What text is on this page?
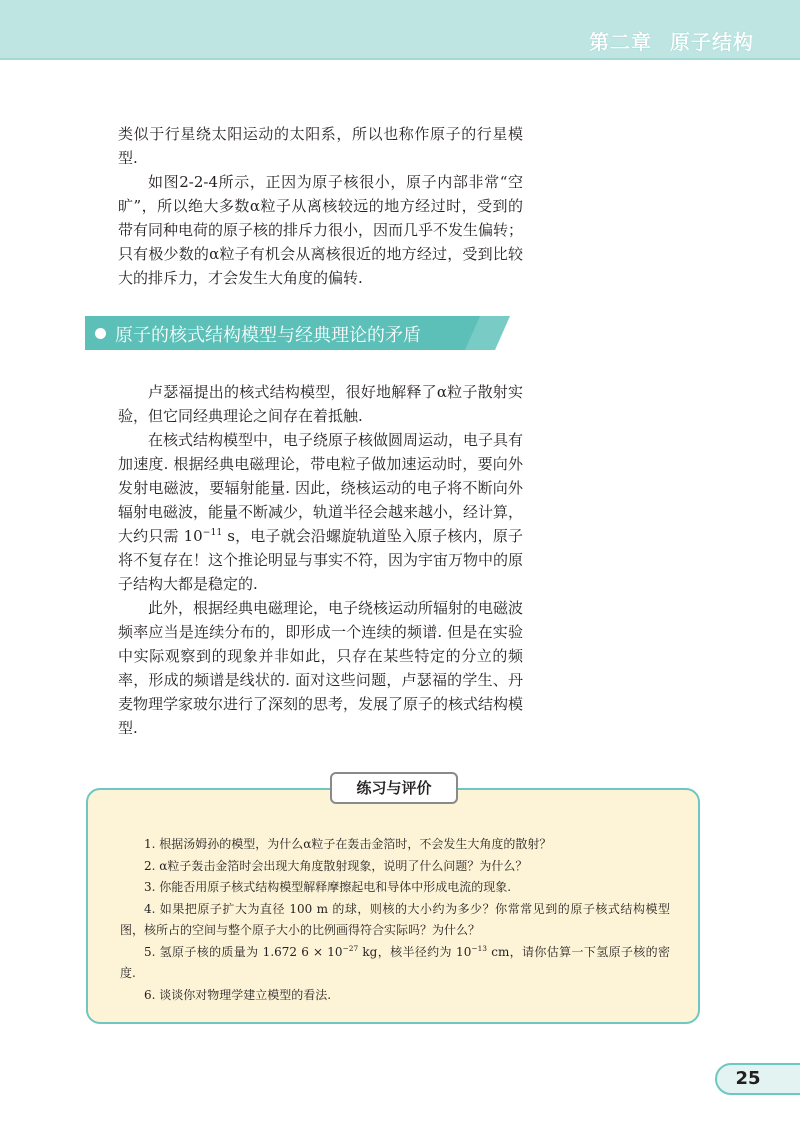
第二章 原子结构

类似于行星绕太阳运动的太阳系，所以也称作原子的行星模型.

如图2-2-4所示，正因为原子核很小，原子内部非常“空旷”，所以绝大多数α粒子从离核较远的地方经过时，受到的带有同种电荷的原子核的排斥力很小，因而几乎不发生偏转；只有极少数的α粒子有机会从离核很近的地方经过，受到比较大的排斥力，才会发生大角度的偏转.

原子的核式结构模型与经典理论的矛盾

卢瑟福提出的核式结构模型，很好地解释了α粒子散射实验，但它同经典理论之间存在着抵触.

在核式结构模型中，电子绕原子核做圆周运动，电子具有加速度. 根据经典电磁理论，带电粒子做加速运动时，要向外发射电磁波，要辐射能量. 因此，绕核运动的电子将不断向外辐射电磁波，能量不断减少，轨道半径会越来越小，经计算，大约只需 $10^{-11}$ s，电子就会沿螺旋轨道坠入原子核内，原子将不复存在！这个推论明显与事实不符，因为宇宙万物中的原子结构大都是稳定的.

此外，根据经典电磁理论，电子绕核运动所辐射的电磁波频率应当是连续分布的，即形成一个连续的频谱. 但是在实验中实际观察到的现象并非如此，只存在某些特定的分立的频率，形成的频谱是线状的. 面对这些问题，卢瑟福的学生、丹麦物理学家玻尔进行了深刻的思考，发展了原子的核式结构模型.

练习与评价

1. 根据汤姆孙的模型，为什么α粒子在轰击金箔时，不会发生大角度的散射？

2. α粒子轰击金箔时会出现大角度散射现象，说明了什么问题？为什么？

3. 你能否用原子核式结构模型解释摩擦起电和导体中形成电流的现象.

4. 如果把原子扩大为直径 100 m 的球，则核的大小约为多少？你常常见到的原子核式结构模型图，核所占的空间与整个原子大小的比例画得符合实际吗？为什么？

5. 氢原子核的质量为 1.672 $6 \times 10^{-27}$ kg，核半径约为 $10^{-13}$ cm，请你估算一下氢原子核的密度.

6. 谈谈你对物理学建立模型的看法.

25
